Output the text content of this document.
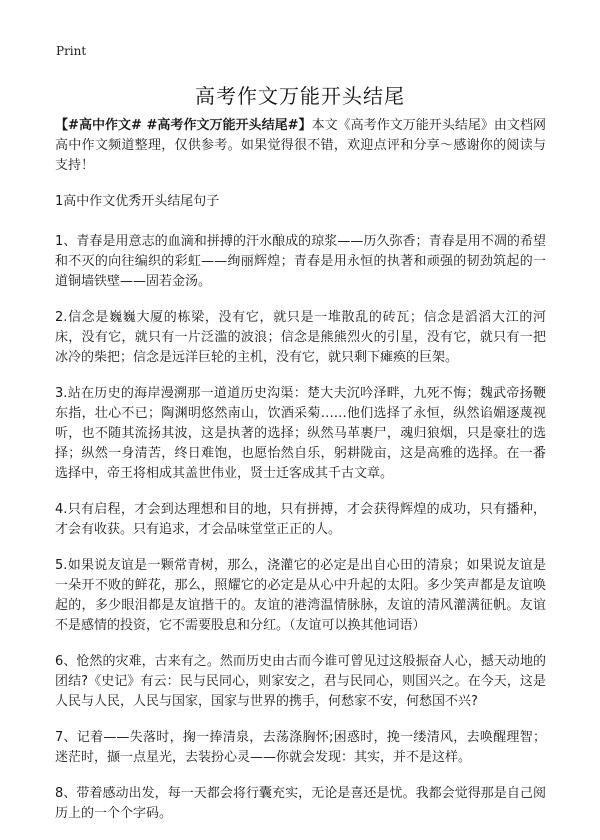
Print
高考作文万能开头结尾

【#高中作文# #高考作文万能开头结尾#】本文《高考作文万能开头结尾》由文档网高中作文频道整理，仅供参考。如果觉得很不错，欢迎点评和分享～感谢你的阅读与支持！

1高中作文优秀开头结尾句子

1、青春是用意志的血滴和拼搏的汗水酿成的琼浆——历久弥香；青春是用不凋的希望和不灭的向往编织的彩虹——绚丽辉煌；青春是用永恒的执著和顽强的韧劲筑起的一道铜墙铁壁——固若金汤。

2.信念是巍巍大厦的栋梁，没有它，就只是一堆散乱的砖瓦；信念是滔滔大江的河床，没有它，就只有一片泛滥的波浪；信念是熊熊烈火的引星，没有它，就只有一把冰冷的柴把；信念是远洋巨轮的主机，没有它，就只剩下瘫痪的巨架。

3.站在历史的海岸漫溯那一道道历史沟渠：楚大夫沉吟泽畔，九死不悔；魏武帝扬鞭东指，壮心不已；陶渊明悠然南山，饮酒采菊……他们选择了永恒，纵然谄媚逐蔑视听，也不随其流扬其波，这是执著的选择；纵然马革裹尸，魂归狼烟，只是豪壮的选择；纵然一身清苦，终日难饱，也愿怡然自乐，躬耕陇亩，这是高雅的选择。在一番选择中，帝王将相成其盖世伟业，贤士迁客成其千古文章。

4.只有启程，才会到达理想和目的地，只有拼搏，才会获得辉煌的成功，只有播种，才会有收获。只有追求，才会品味堂堂正正的人。

5.如果说友谊是一颗常青树，那么，浇灌它的必定是出自心田的清泉；如果说友谊是一朵开不败的鲜花，那么，照耀它的必定是从心中升起的太阳。多少笑声都是友谊唤起的，多少眼泪都是友谊揩干的。友谊的港湾温情脉脉，友谊的清风灌满征帆。友谊不是感情的投资，它不需要股息和分红。（友谊可以换其他词语）

6、怆然的灾难，古来有之。然而历史由古而今谁可曾见过这般振奋人心，撼天动地的团结?《史记》有云：民与民同心，则家安之，君与民同心，则国兴之。在今天，这是人民与人民，人民与国家，国家与世界的携手，何愁家不安，何愁国不兴?

7、记着——失落时，掬一捧清泉，去荡涤胸怀;困惑时，挽一缕清风，去唤醒理智；迷茫时，撷一点星光，去装扮心灵——你就会发现：其实，并不是这样。

8、带着感动出发，每一天都会将行囊充实，无论是喜还是忧。我都会觉得那是自己阅历上的一个个字码。
